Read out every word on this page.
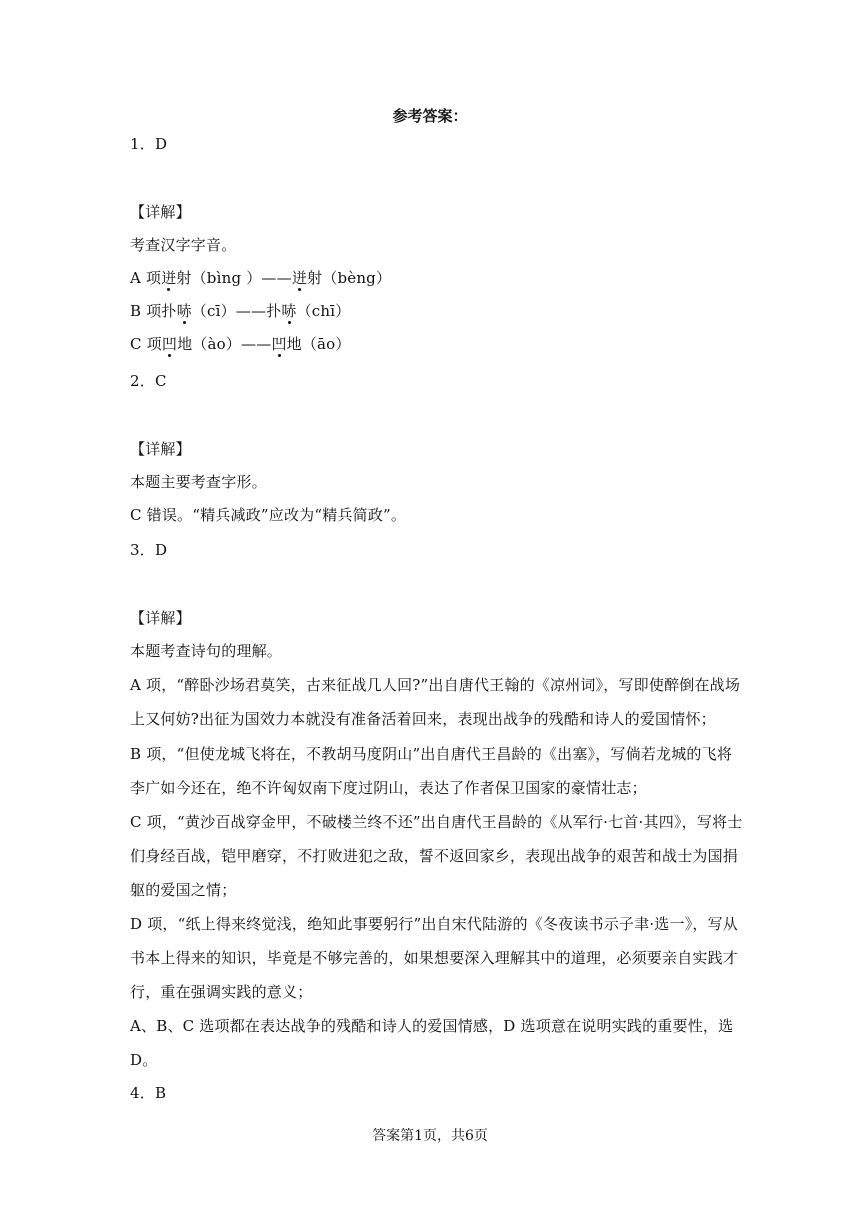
参考答案：
1．D
【详解】
考查汉字字音。
A 项迸射（bìng ）——迸射（bèng）
B 项扑哧（cī）——扑哧（chī）
C 项凹地（ào）——凹地（āo）
2．C
【详解】
本题主要考查字形。
C 错误。“精兵减政”应改为“精兵简政”。
3．D
【详解】
本题考查诗句的理解。
A 项，“醉卧沙场君莫笑，古来征战几人回?”出自唐代王翰的《凉州词》，写即使醉倒在战场
上又何妨?出征为国效力本就没有准备活着回来，表现出战争的残酷和诗人的爱国情怀；
B 项，“但使龙城飞将在，不教胡马度阴山”出自唐代王昌龄的《出塞》，写倘若龙城的飞将
李广如今还在，绝不许匈奴南下度过阴山，表达了作者保卫国家的豪情壮志；
C 项，“黄沙百战穿金甲，不破楼兰终不还”出自唐代王昌龄的《从军行·七首·其四》，写将士
们身经百战，铠甲磨穿，不打败进犯之敌，誓不返回家乡，表现出战争的艰苦和战士为国捐
躯的爱国之情；
D 项，“纸上得来终觉浅，绝知此事要躬行”出自宋代陆游的《冬夜读书示子聿·选一》，写从
书本上得来的知识，毕竟是不够完善的，如果想要深入理解其中的道理，必须要亲自实践才
行，重在强调实践的意义；
A、B、C 选项都在表达战争的残酷和诗人的爱国情感，D 选项意在说明实践的重要性，选
D。
4．B
答案第1页，共6页
